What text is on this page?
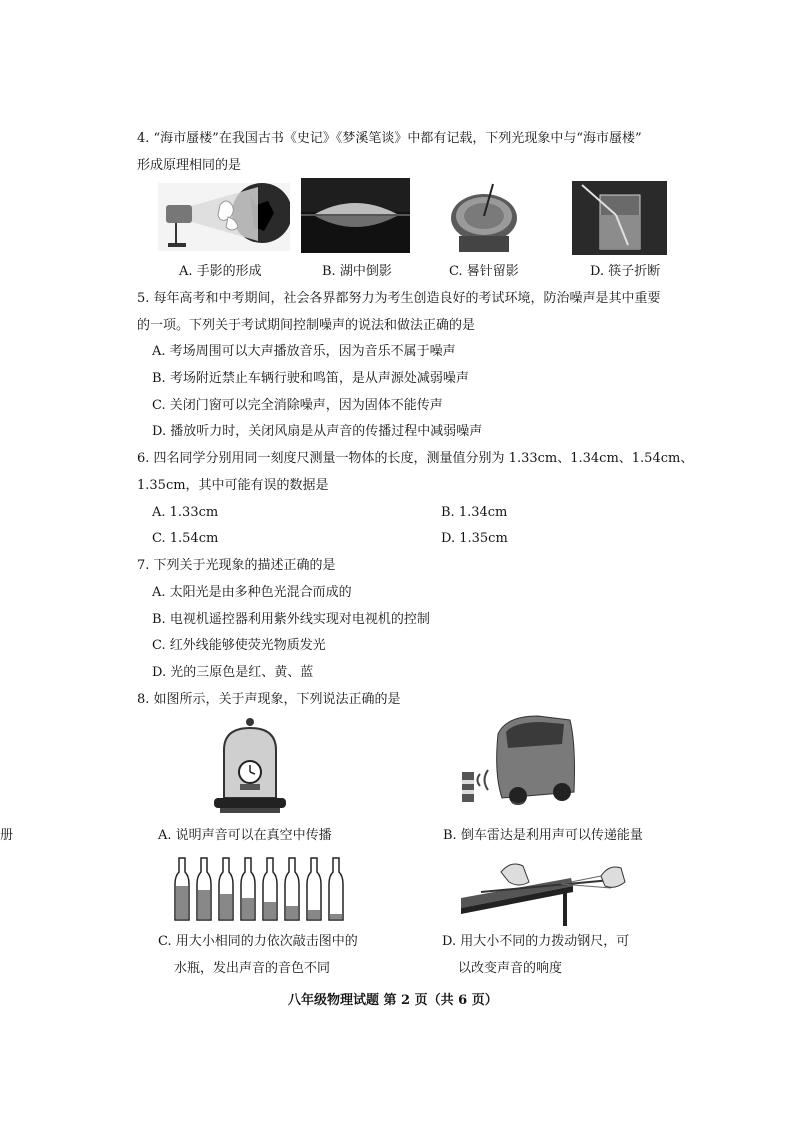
册
4. “海市蜃楼”在我国古书《史记》《梦溪笔谈》中都有记载，下列光现象中与“海市蜃楼”
形成原理相同的是
A. 手影的形成	B. 湖中倒影	C. 晷针留影	D. 筷子折断
5. 每年高考和中考期间，社会各界都努力为考生创造良好的考试环境，防治噪声是其中重要
的一项。下列关于考试期间控制噪声的说法和做法正确的是
A. 考场周围可以大声播放音乐，因为音乐不属于噪声
B. 考场附近禁止车辆行驶和鸣笛，是从声源处减弱噪声
C. 关闭门窗可以完全消除噪声，因为固体不能传声
D. 播放听力时，关闭风扇是从声音的传播过程中减弱噪声
6. 四名同学分别用同一刻度尺测量一物体的长度，测量值分别为 1.33cm、1.34cm、1.54cm、
1.35cm，其中可能有误的数据是
A. 1.33cm	B. 1.34cm
C. 1.54cm	D. 1.35cm
7. 下列关于光现象的描述正确的是
A. 太阳光是由多种色光混合而成的
B. 电视机遥控器利用紫外线实现对电视机的控制
C. 红外线能够使荧光物质发光
D. 光的三原色是红、黄、蓝
8. 如图所示，关于声现象，下列说法正确的是
A. 说明声音可以在真空中传播	B. 倒车雷达是利用声可以传递能量
C. 用大小相同的力依次敲击图中的
水瓶，发出声音的音色不同
D. 用大小不同的力拨动钢尺，可
以改变声音的响度
八年级物理试题 第 2 页（共 6 页）
